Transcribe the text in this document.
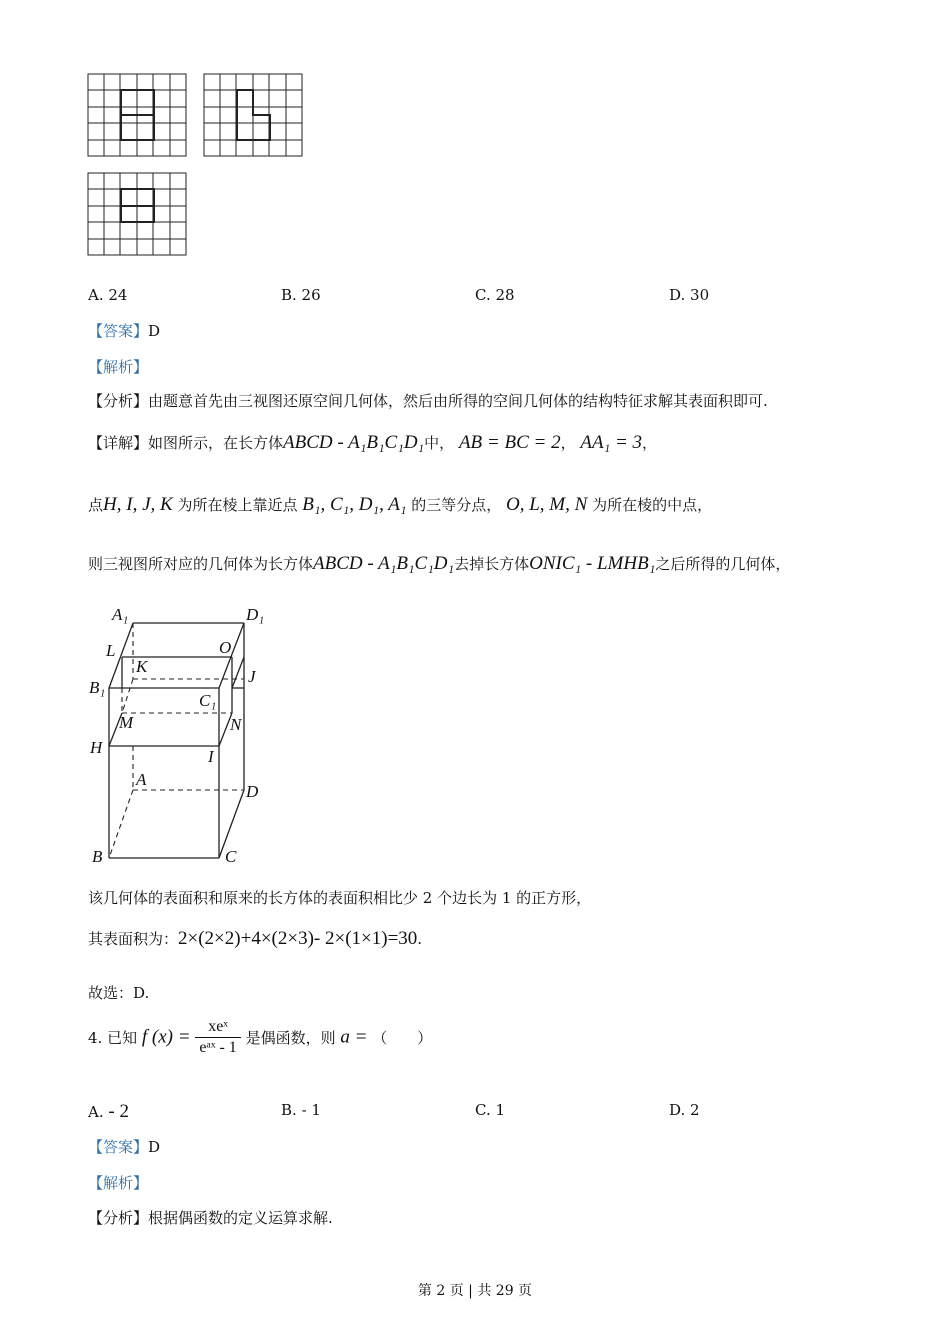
A. 24	B. 26	C. 28	D. 30
【答案】D
【解析】
【分析】由题意首先由三视图还原空间几何体，然后由所得的空间几何体的结构特征求解其表面积即可.
【详解】如图所示，在长方体ABCD - A₁B₁C₁D₁中， AB = BC = 2， AA₁ = 3，
点H, I, J, K 为所在棱上靠近点 B₁, C₁, D₁, A₁ 的三等分点， O, L, M, N 为所在棱的中点，
则三视图所对应的几何体为长方体ABCD - A₁B₁C₁D₁去掉长方体ONIC₁ - LMHB₁之后所得的几何体，
A₁	D₁
O
L
K
J
B₁
C₁
M	N
H	I
A
D
B	C
该几何体的表面积和原来的长方体的表面积相比少 2 个边长为 1 的正方形，
其表面积为：2×(2×2)+4×(2×3)- 2×(1×1)=30.
故选：D.
4. 已知 f $(x) = \frac{\text{xeˣ}}{\text{eᵃˣ - 1}}$ 是偶函数，则 a = （　　）
A. - 2	B. - 1	C. 1	D. 2
【答案】D
【解析】
【分析】根据偶函数的定义运算求解.
第 2 页 | 共 29 页
